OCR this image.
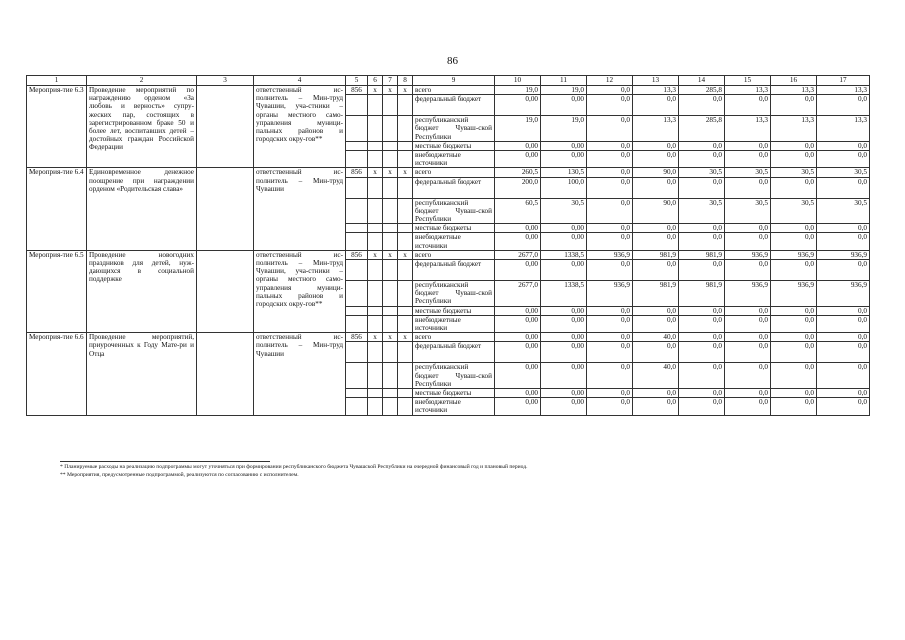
86
1	2	3	4	5	6	7	8	9	10	11	12	13	14	15	16	17
Мероприя-тие 6.3	Проведение мероприятий по награждению орденом «За любовь и верность» супру-жеских пар, состоящих в зарегистрированном браке 50 и более лет, воспитавших детей – достойных граждан Российской Федерации		ответственный ис-полнитель – Мин-труд Чувашии, уча-стники – органы местного само-управления муници-пальных районов и городских окру-гов**	856	х	х	х	всего	19,0	19,0	0,0	13,3	285,8	13,3	13,3	13,3
								федеральный бюджет	0,00	0,00	0,0	0,0	0,0	0,0	0,0	0,0
								республиканский бюджет Чуваш-ской Республики	19,0	19,0	0,0	13,3	285,8	13,3	13,3	13,3
								местные бюджеты	0,00	0,00	0,0	0,0	0,0	0,0	0,0	0,0
								внебюджетные источники	0,00	0,00	0,0	0,0	0,0	0,0	0,0	0,0
Мероприя-тие 6.4	Единовременное денежное поощрение при награждении орденом «Родительская слава»		ответственный ис-полнитель – Мин-труд Чувашии	856	х	х	х	всего	260,5	130,5	0,0	90,0	30,5	30,5	30,5	30,5
								федеральный бюджет	200,0	100,0	0,0	0,0	0,0	0,0	0,0	0,0
								республиканский бюджет Чуваш-ской Республики	60,5	30,5	0,0	90,0	30,5	30,5	30,5	30,5
								местные бюджеты	0,00	0,00	0,0	0,0	0,0	0,0	0,0	0,0
								внебюджетные источники	0,00	0,00	0,0	0,0	0,0	0,0	0,0	0,0
Мероприя-тие 6.5	Проведение новогодних праздников для детей, нуж-дающихся в социальной поддержке		ответственный ис-полнитель – Мин-труд Чувашии, уча-стники – органы местного само-управления муници-пальных районов и городских окру-гов**	856	х	х	х	всего	2677,0	1338,5	936,9	981,9	981,9	936,9	936,9	936,9
								федеральный бюджет	0,00	0,00	0,0	0,0	0,0	0,0	0,0	0,0
								республиканский бюджет Чуваш-ской Республики	2677,0	1338,5	936,9	981,9	981,9	936,9	936,9	936,9
								местные бюджеты	0,00	0,00	0,0	0,0	0,0	0,0	0,0	0,0
								внебюджетные источники	0,00	0,00	0,0	0,0	0,0	0,0	0,0	0,0
Мероприя-тие 6.6	Проведение мероприятий, приуроченных к Году Мате-ри и Отца		ответственный ис-полнитель – Мин-труд Чувашии	856	х	х	х	всего	0,00	0,00	0,0	40,0	0,0	0,0	0,0	0,0
								федеральный бюджет	0,00	0,00	0,0	0,0	0,0	0,0	0,0	0,0
								республиканский бюджет Чуваш-ской Республики	0,00	0,00	0,0	40,0	0,0	0,0	0,0	0,0
								местные бюджеты	0,00	0,00	0,0	0,0	0,0	0,0	0,0	0,0
								внебюджетные источники	0,00	0,00	0,0	0,0	0,0	0,0	0,0	0,0
* Планируемые расходы на реализацию подпрограммы могут уточняться при формировании республиканского бюджета Чувашской Республики на очередной финансовый год и плановый период.
** Мероприятия, предусмотренные подпрограммой, реализуются по согласованию с исполнителем.
